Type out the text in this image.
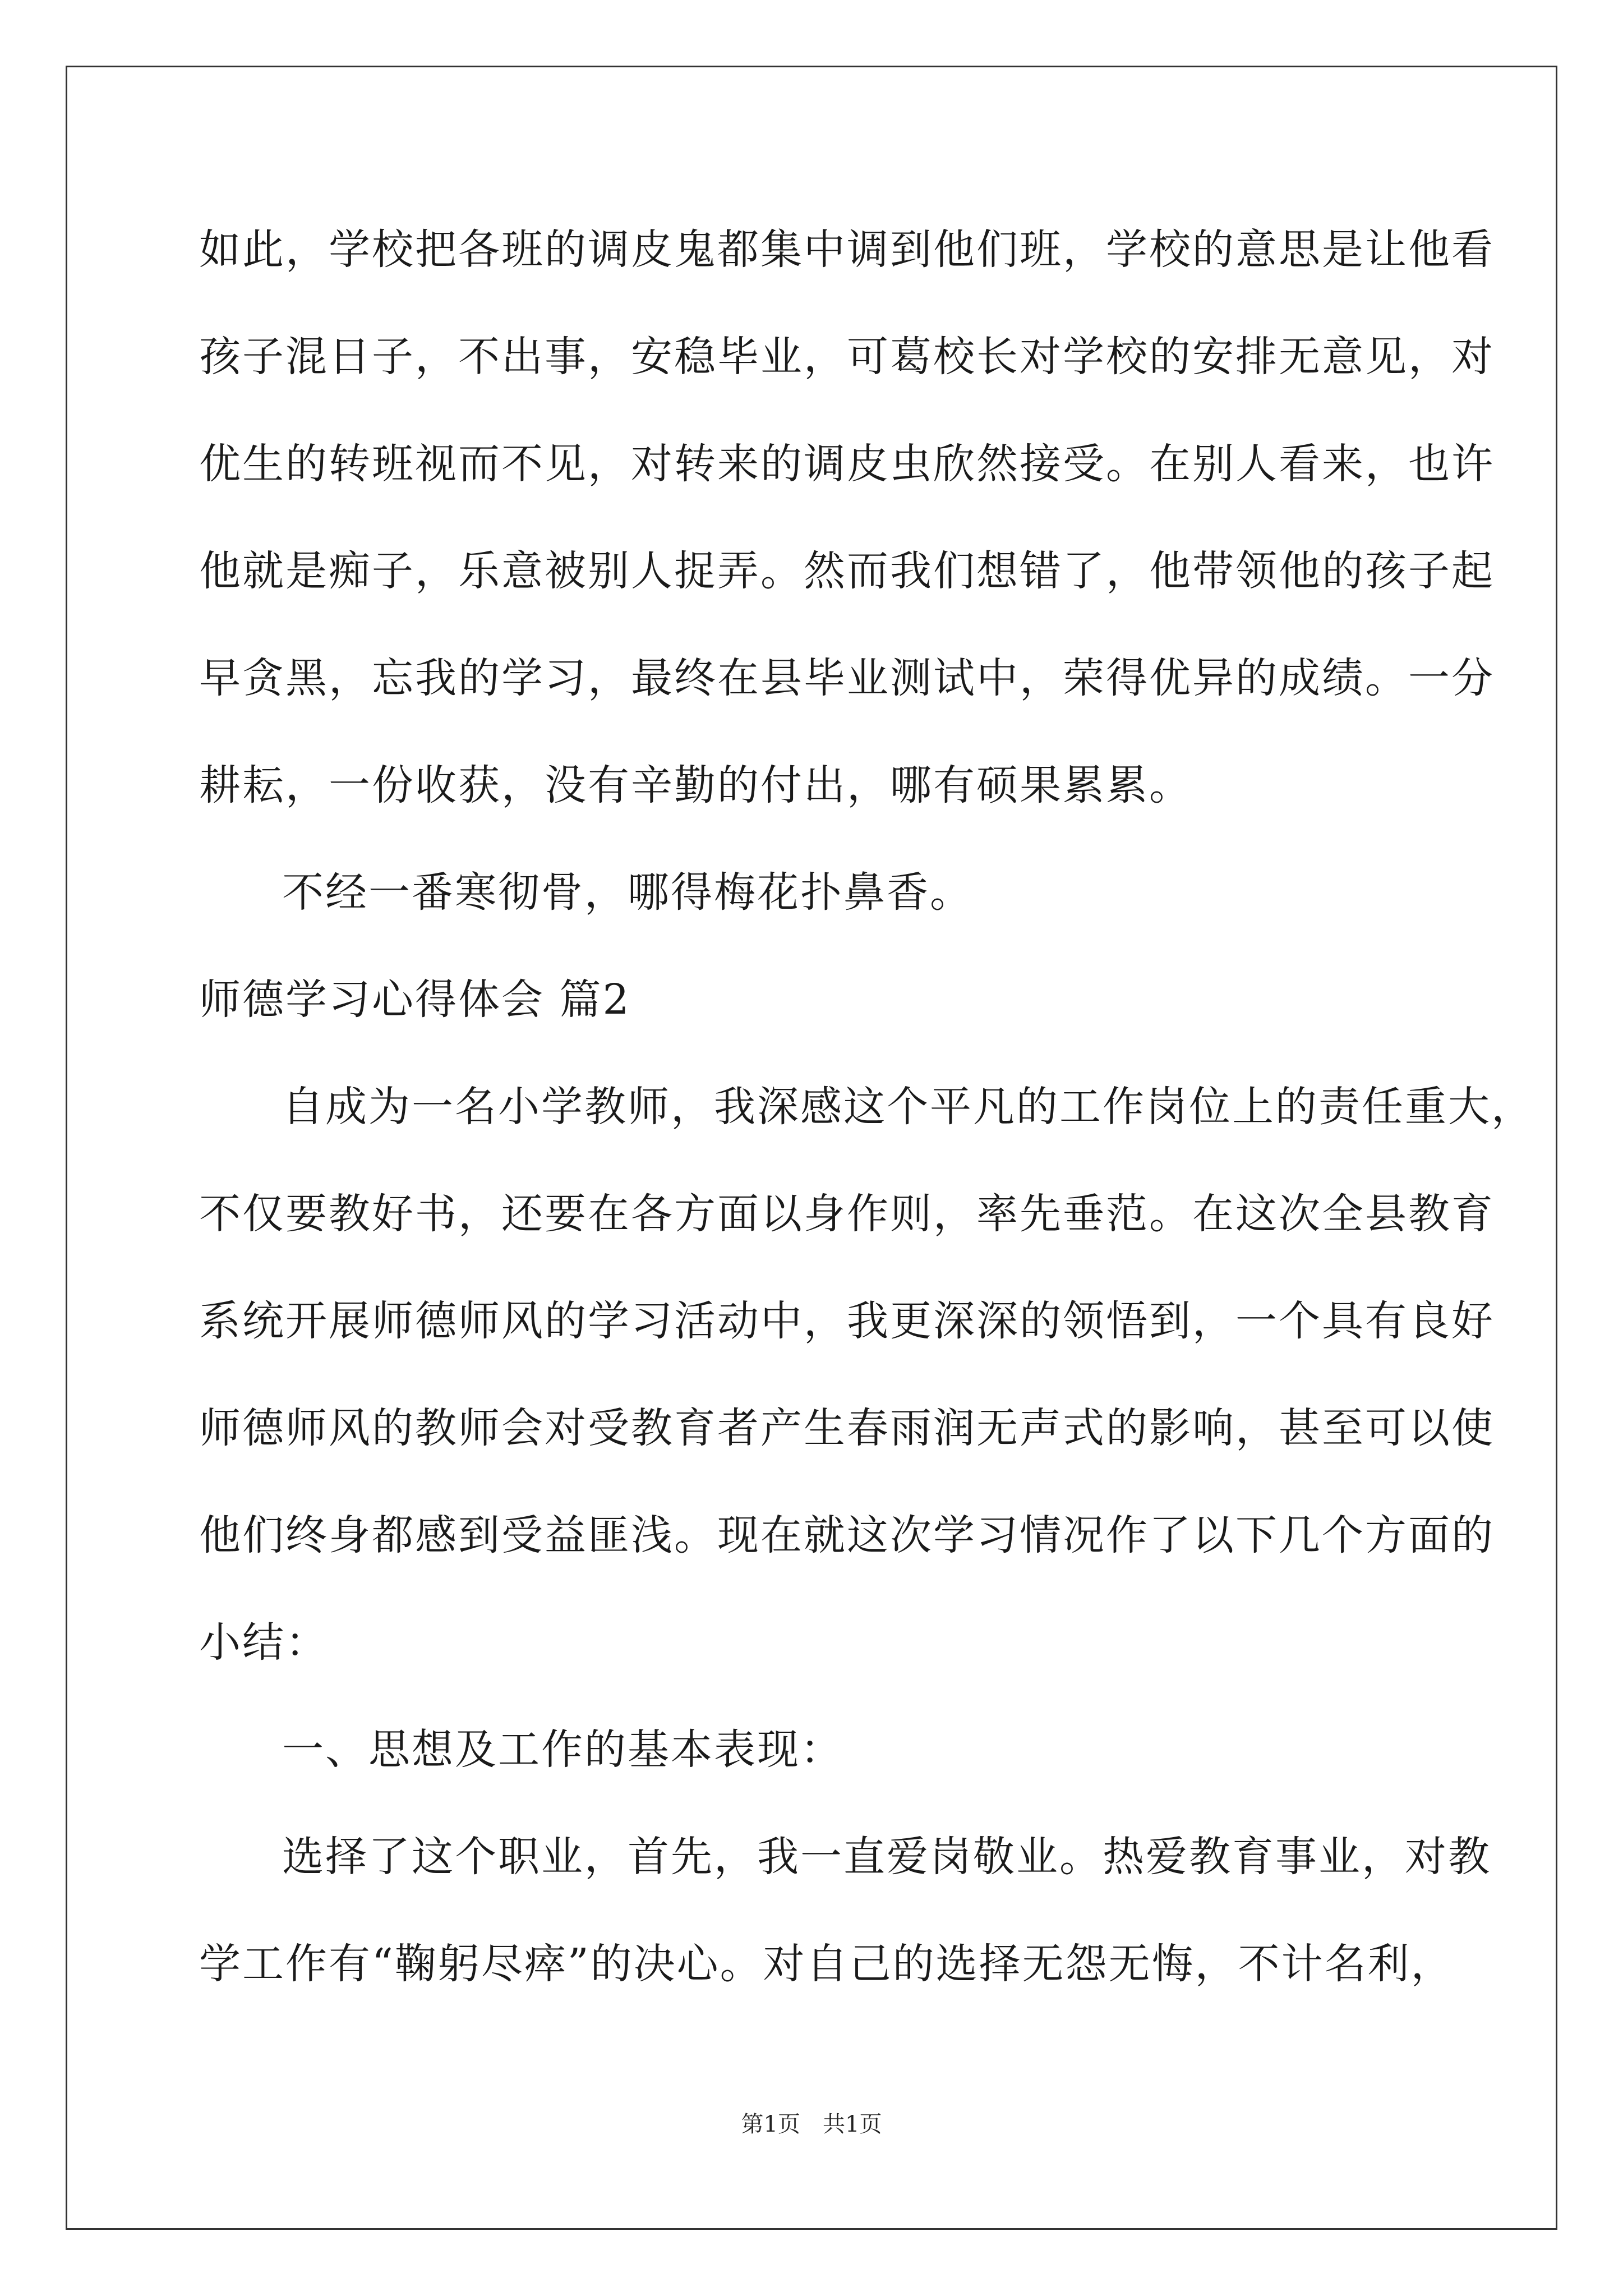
如此，学校把各班的调皮鬼都集中调到他们班，学校的意思是让他看
孩子混日子，不出事，安稳毕业，可葛校长对学校的安排无意见，对
优生的转班视而不见，对转来的调皮虫欣然接受。在别人看来，也许
他就是痴子，乐意被别人捉弄。然而我们想错了，他带领他的孩子起
早贪黑，忘我的学习，最终在县毕业测试中，荣得优异的成绩。一分
耕耘，一份收获，没有辛勤的付出，哪有硕果累累。
不经一番寒彻骨，哪得梅花扑鼻香。
师德学习心得体会 篇2
自成为一名小学教师，我深感这个平凡的工作岗位上的责任重大，
不仅要教好书，还要在各方面以身作则，率先垂范。在这次全县教育
系统开展师德师风的学习活动中，我更深深的领悟到，一个具有良好
师德师风的教师会对受教育者产生春雨润无声式的影响，甚至可以使
他们终身都感到受益匪浅。现在就这次学习情况作了以下几个方面的
小结：
一、思想及工作的基本表现：
选择了这个职业，首先，我一直爱岗敬业。热爱教育事业，对教
学工作有“鞠躬尽瘁”的决心。对自己的选择无怨无悔，不计名利，
第1页　共1页
